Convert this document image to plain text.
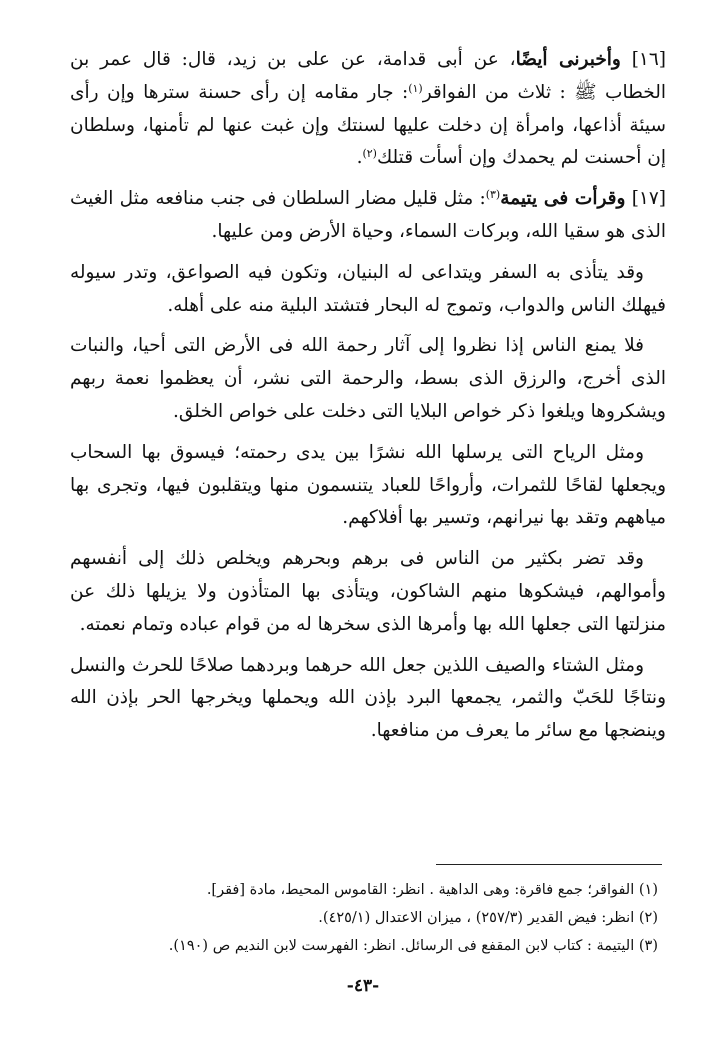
[١٦] وأخبرنى أيضًا، عن أبى قدامة، عن على بن زيد، قال: قال عمر بن الخطاب ﷺ : ثلاث من الفواقر$^{(١)}$: جار مقامه إن رأى حسنة سترها وإن رأى سيئة أذاعها، وامرأة إن دخلت عليها لسنتك وإن غبت عنها لم تأمنها، وسلطان إن أحسنت لم يحمدك وإن أسأت قتلك$^{(٢)}$.

[١٧] وقرأت فى يتيمة$^{(٣)}$: مثل قليل مضار السلطان فى جنب منافعه مثل الغيث الذى هو سقيا الله، وبركات السماء، وحياة الأرض ومن عليها.

وقد يتأذى به السفر ويتداعى له البنيان، وتكون فيه الصواعق، وتدر سيوله فيهلك الناس والدواب، وتموج له البحار فتشتد البلية منه على أهله.

فلا يمنع الناس إذا نظروا إلى آثار رحمة الله فى الأرض التى أحيا، والنبات الذى أخرج، والرزق الذى بسط، والرحمة التى نشر، أن يعظموا نعمة ربهم ويشكروها ويلغوا ذكر خواص البلايا التى دخلت على خواص الخلق.

ومثل الرياح التى يرسلها الله نشرًا بين يدى رحمته؛ فيسوق بها السحاب ويجعلها لقاحًا للثمرات، وأرواحًا للعباد يتنسمون منها ويتقلبون فيها، وتجرى بها مياههم وتقد بها نيرانهم، وتسير بها أفلاكهم.

وقد تضر بكثير من الناس فى برهم وبحرهم ويخلص ذلك إلى أنفسهم وأموالهم، فيشكوها منهم الشاكون، ويتأذى بها المتأذون ولا يزيلها ذلك عن منزلتها التى جعلها الله بها وأمرها الذى سخرها له من قوام عباده وتمام نعمته.

ومثل الشتاء والصيف اللذين جعل الله حرهما وبردهما صلاحًا للحرث والنسل ونتاجًا للحَبّ والثمر، يجمعها البرد بإذن الله ويحملها ويخرجها الحر بإذن الله وينضجها مع سائر ما يعرف من منافعها.

(١) الفواقر؛ جمع فاقرة: وهى الداهية . انظر: القاموس المحيط، مادة [فقر].

(٢) انظر: فيض القدير (٢٥٧/٣) ، ميزان الاعتدال (٤٢٥/١).

(٣) اليتيمة : كتاب لابن المقفع فى الرسائل. انظر: الفهرست لابن النديم ص (١٩٠).

-٤٣-
